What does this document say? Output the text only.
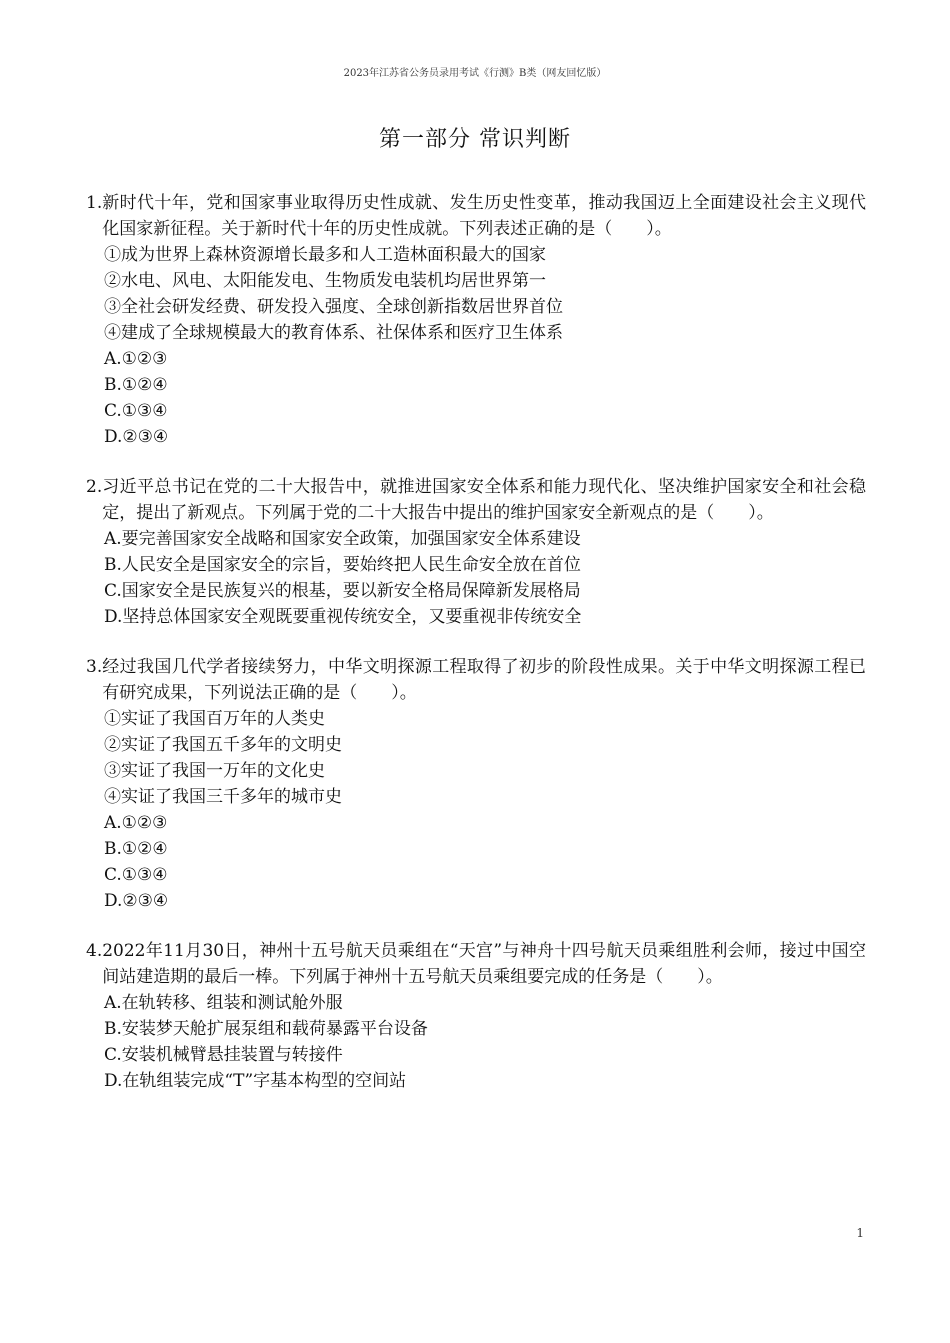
2023年江苏省公务员录用考试《行测》B类（网友回忆版）
第一部分 常识判断
1. 新时代十年，党和国家事业取得历史性成就、发生历史性变革，推动我国迈上全面建设社会主义现代化国家新征程。关于新时代十年的历史性成就。下列表述正确的是（　　）。
①成为世界上森林资源增长最多和人工造林面积最大的国家
②水电、风电、太阳能发电、生物质发电装机均居世界第一
③全社会研发经费、研发投入强度、全球创新指数居世界首位
④建成了全球规模最大的教育体系、社保体系和医疗卫生体系
A.①②③
B.①②④
C.①③④
D.②③④
2. 习近平总书记在党的二十大报告中，就推进国家安全体系和能力现代化、坚决维护国家安全和社会稳定，提出了新观点。下列属于党的二十大报告中提出的维护国家安全新观点的是（　　）。
A.要完善国家安全战略和国家安全政策，加强国家安全体系建设
B.人民安全是国家安全的宗旨，要始终把人民生命安全放在首位
C.国家安全是民族复兴的根基，要以新安全格局保障新发展格局
D.坚持总体国家安全观既要重视传统安全，又要重视非传统安全
3. 经过我国几代学者接续努力，中华文明探源工程取得了初步的阶段性成果。关于中华文明探源工程已有研究成果，下列说法正确的是（　　）。
①实证了我国百万年的人类史
②实证了我国五千多年的文明史
③实证了我国一万年的文化史
④实证了我国三千多年的城市史
A.①②③
B.①②④
C.①③④
D.②③④
4. 2022年11月30日，神州十五号航天员乘组在“天宫”与神舟十四号航天员乘组胜利会师，接过中国空间站建造期的最后一棒。下列属于神州十五号航天员乘组要完成的任务是（　　）。
A.在轨转移、组装和测试舱外服
B.安装梦天舱扩展泵组和载荷暴露平台设备
C.安装机械臂悬挂装置与转接件
D.在轨组装完成“T”字基本构型的空间站
1
